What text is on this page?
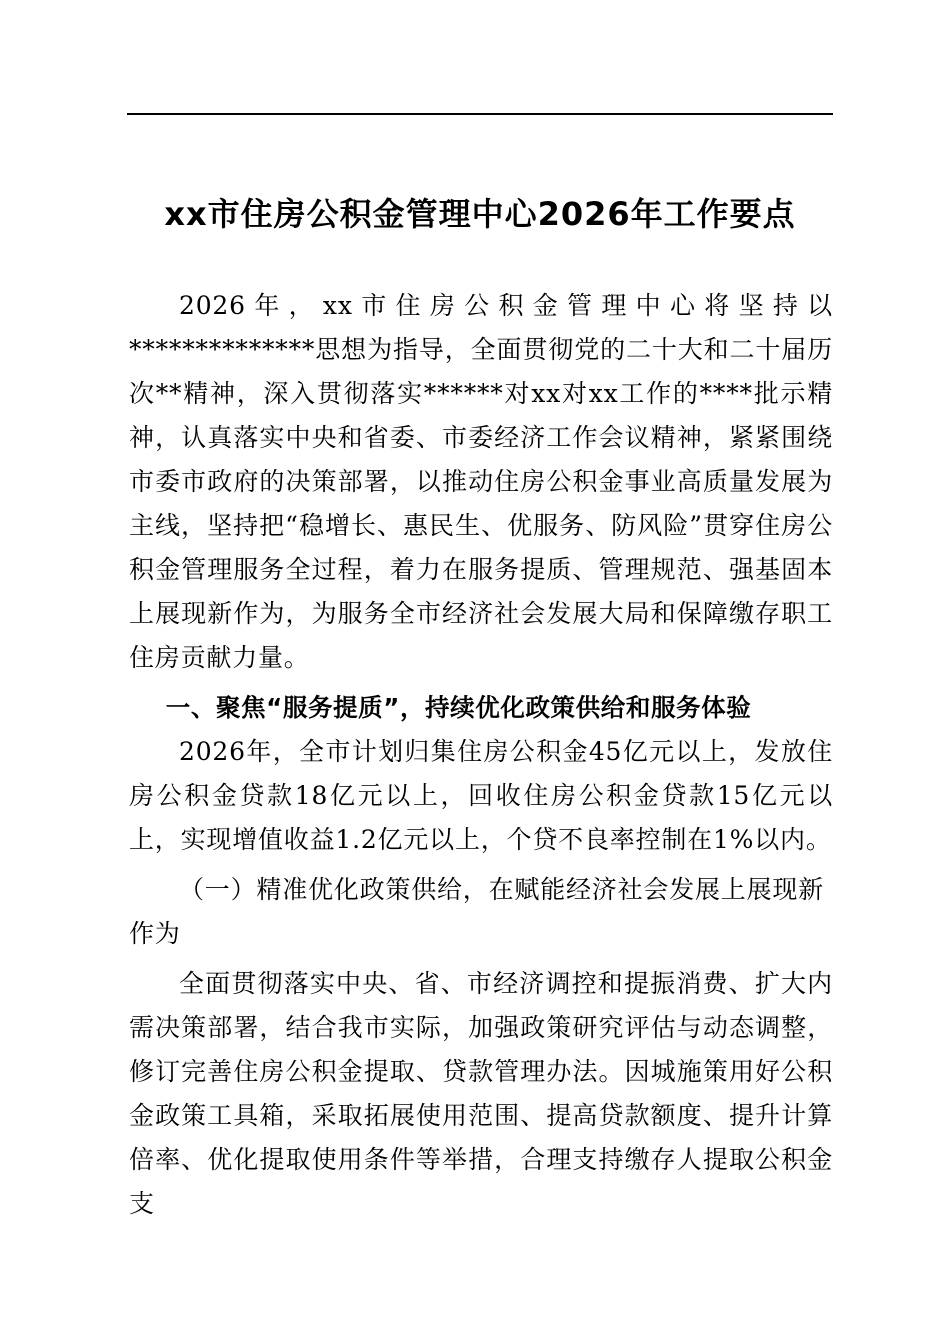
xx市住房公积金管理中心2026年工作要点

2026年，xx市住房公积金管理中心将坚持以**************思想为指导，全面贯彻党的二十大和二十届历次**精神，深入贯彻落实******对xx对xx工作的****批示精神，认真落实中央和省委、市委经济工作会议精神，紧紧围绕市委市政府的决策部署，以推动住房公积金事业高质量发展为主线，坚持把“稳增长、惠民生、优服务、防风险”贯穿住房公积金管理服务全过程，着力在服务提质、管理规范、强基固本上展现新作为，为服务全市经济社会发展大局和保障缴存职工住房贡献力量。

一、聚焦“服务提质”，持续优化政策供给和服务体验

2026年，全市计划归集住房公积金45亿元以上，发放住房公积金贷款18亿元以上，回收住房公积金贷款15亿元以上，实现增值收益1.2亿元以上，个贷不良率控制在1%以内。

（一）精准优化政策供给，在赋能经济社会发展上展现新作为

全面贯彻落实中央、省、市经济调控和提振消费、扩大内需决策部署，结合我市实际，加强政策研究评估与动态调整，修订完善住房公积金提取、贷款管理办法。因城施策用好公积金政策工具箱，采取拓展使用范围、提高贷款额度、提升计算倍率、优化提取使用条件等举措，合理支持缴存人提取公积金支
